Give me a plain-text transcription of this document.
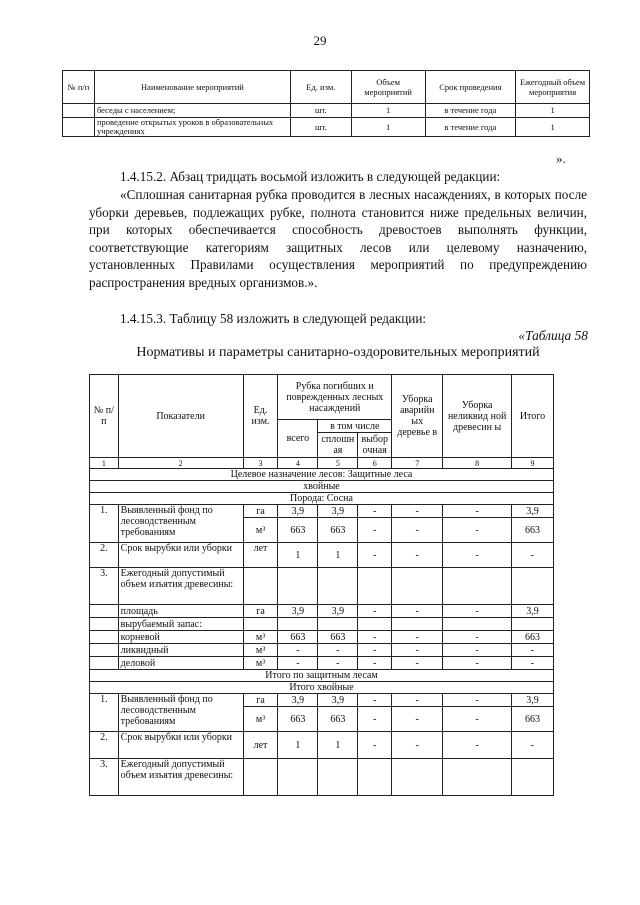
29
№ п/п	Наименование мероприятий	Ед. изм.	Объем мероприятий	Срок проведения	Ежегодный объем мероприятия
	беседы с населением;	шт.	1	в течение года	1
	проведение открытых уроков в образовательных учреждениях	шт.	1	в течение года	1
».
1.4.15.2. Абзац тридцать восьмой изложить в следующей редакции:
«Сплошная санитарная рубка проводится в лесных насаждениях, в которых после уборки деревьев, подлежащих рубке, полнота становится ниже предельных величин, при которых обеспечивается способность древостоев выполнять функции, соответствующие категориям защитных лесов или целевому назначению, установленных Правилами осуществления мероприятий по предупреждению распространения вредных организмов.».
1.4.15.3. Таблицу 58 изложить в следующей редакции:
«Таблица 58
Нормативы и параметры санитарно-оздоровительных мероприятий
№ п/п	Показатели	Ед. изм.	Рубка погибших и поврежденных лесных насаждений			Уборка аварийн ых деревье в	Уборка неликвид ной древесин ы	Итого
			всего	в том числе				
				сплошн ая	выбор очная			
1	2	3	4	5	6	7	8	9
Целевое назначение лесов: Защитные леса								
хвойные								
Порода: Сосна								
1.	Выявленный фонд по лесоводственным требованиям	га	3,9	3,9	-	-	-	3,9
		м³	663	663	-	-	-	663
2.	Срок вырубки или уборки	лет	1	1	-	-	-	-
3.	Ежегодный допустимый объем изъятия древесины:							
	площадь	га	3,9	3,9	-	-	-	3,9
	вырубаемый запас:							
	корневой	м³	663	663	-	-	-	663
	ликвидный	м³	-	-	-	-	-	-
	деловой	м³	-	-	-	-	-	-
Итого по защитным лесам								
Итого хвойные								
1.	Выявленный фонд по лесоводственным требованиям	га	3,9	3,9	-	-	-	3,9
		м³	663	663	-	-	-	663
2.	Срок вырубки или уборки	лет	1	1	-	-	-	-
3.	Ежегодный допустимый объем изъятия древесины:							
